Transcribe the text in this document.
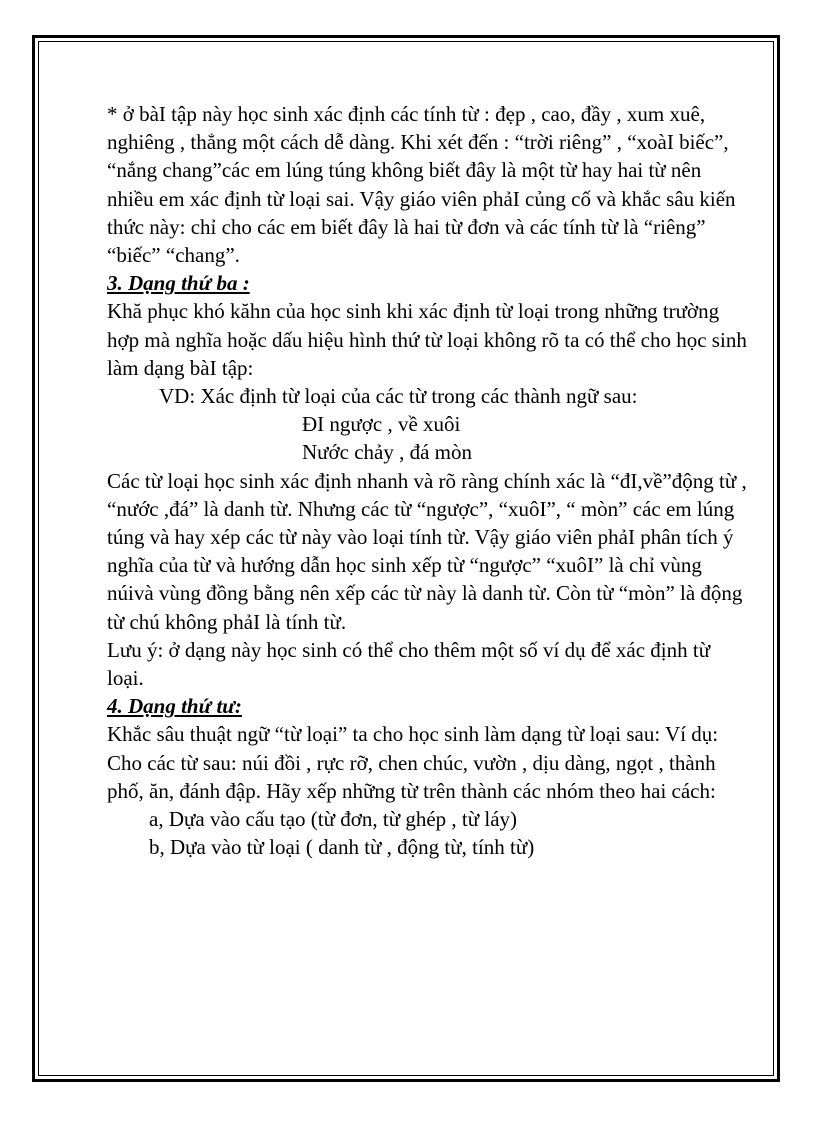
* ở bàI tập này học sinh xác định các tính từ : đẹp , cao, đầy , xum xuê, nghiêng , thẳng một cách dễ dàng. Khi xét đến : “trời riêng” , “xoàI biếc”, “nắng chang”các em lúng túng không biết đây là một từ hay hai từ nên nhiều em xác định từ loại sai. Vậy giáo viên phảI củng cố và khắc sâu kiến thức này: chỉ cho các em biết đây là hai từ đơn và các tính từ là “riêng” “biếc” “chang”.

3. Dạng thứ ba :

Khă phục khó kăhn của học sinh khi xác định từ loại trong những trường hợp mà nghĩa hoặc dấu hiệu hình thứ từ loại không rõ ta có thể cho học sinh làm dạng bàI tập:

VD: Xác định từ loại của các từ trong các thành ngữ sau:

ĐI ngược , về xuôi

Nước chảy , đá mòn

Các từ loại học sinh xác định nhanh và rõ ràng chính xác là “đI,về”động từ , “nước ,đá” là danh từ. Nhưng các từ “ngược”, “xuôI”, “ mòn” các em lúng túng và hay xép các từ này vào loại tính từ. Vậy giáo viên phảI phân tích ý nghĩa của từ và hướng dẫn học sinh xếp từ “ngược” “xuôI” là chỉ vùng núivà vùng đồng bằng nên xếp các từ này là danh từ. Còn từ “mòn” là động từ chú không phảI là tính từ.

Lưu ý: ở dạng này học sinh có thể cho thêm một số ví dụ để xác định từ loại.

4. Dạng thứ tư:

Khắc sâu thuật ngữ “từ loại” ta cho học sinh làm dạng từ loại sau: Ví dụ: Cho các từ sau: núi đồi , rực rỡ, chen chúc, vườn , dịu dàng, ngọt , thành phố, ăn, đánh đập. Hãy xếp những từ trên thành các nhóm theo hai cách:

a, Dựa vào cấu tạo (từ đơn, từ ghép , từ láy)

b, Dựa vào từ loại ( danh từ , động từ, tính từ)
